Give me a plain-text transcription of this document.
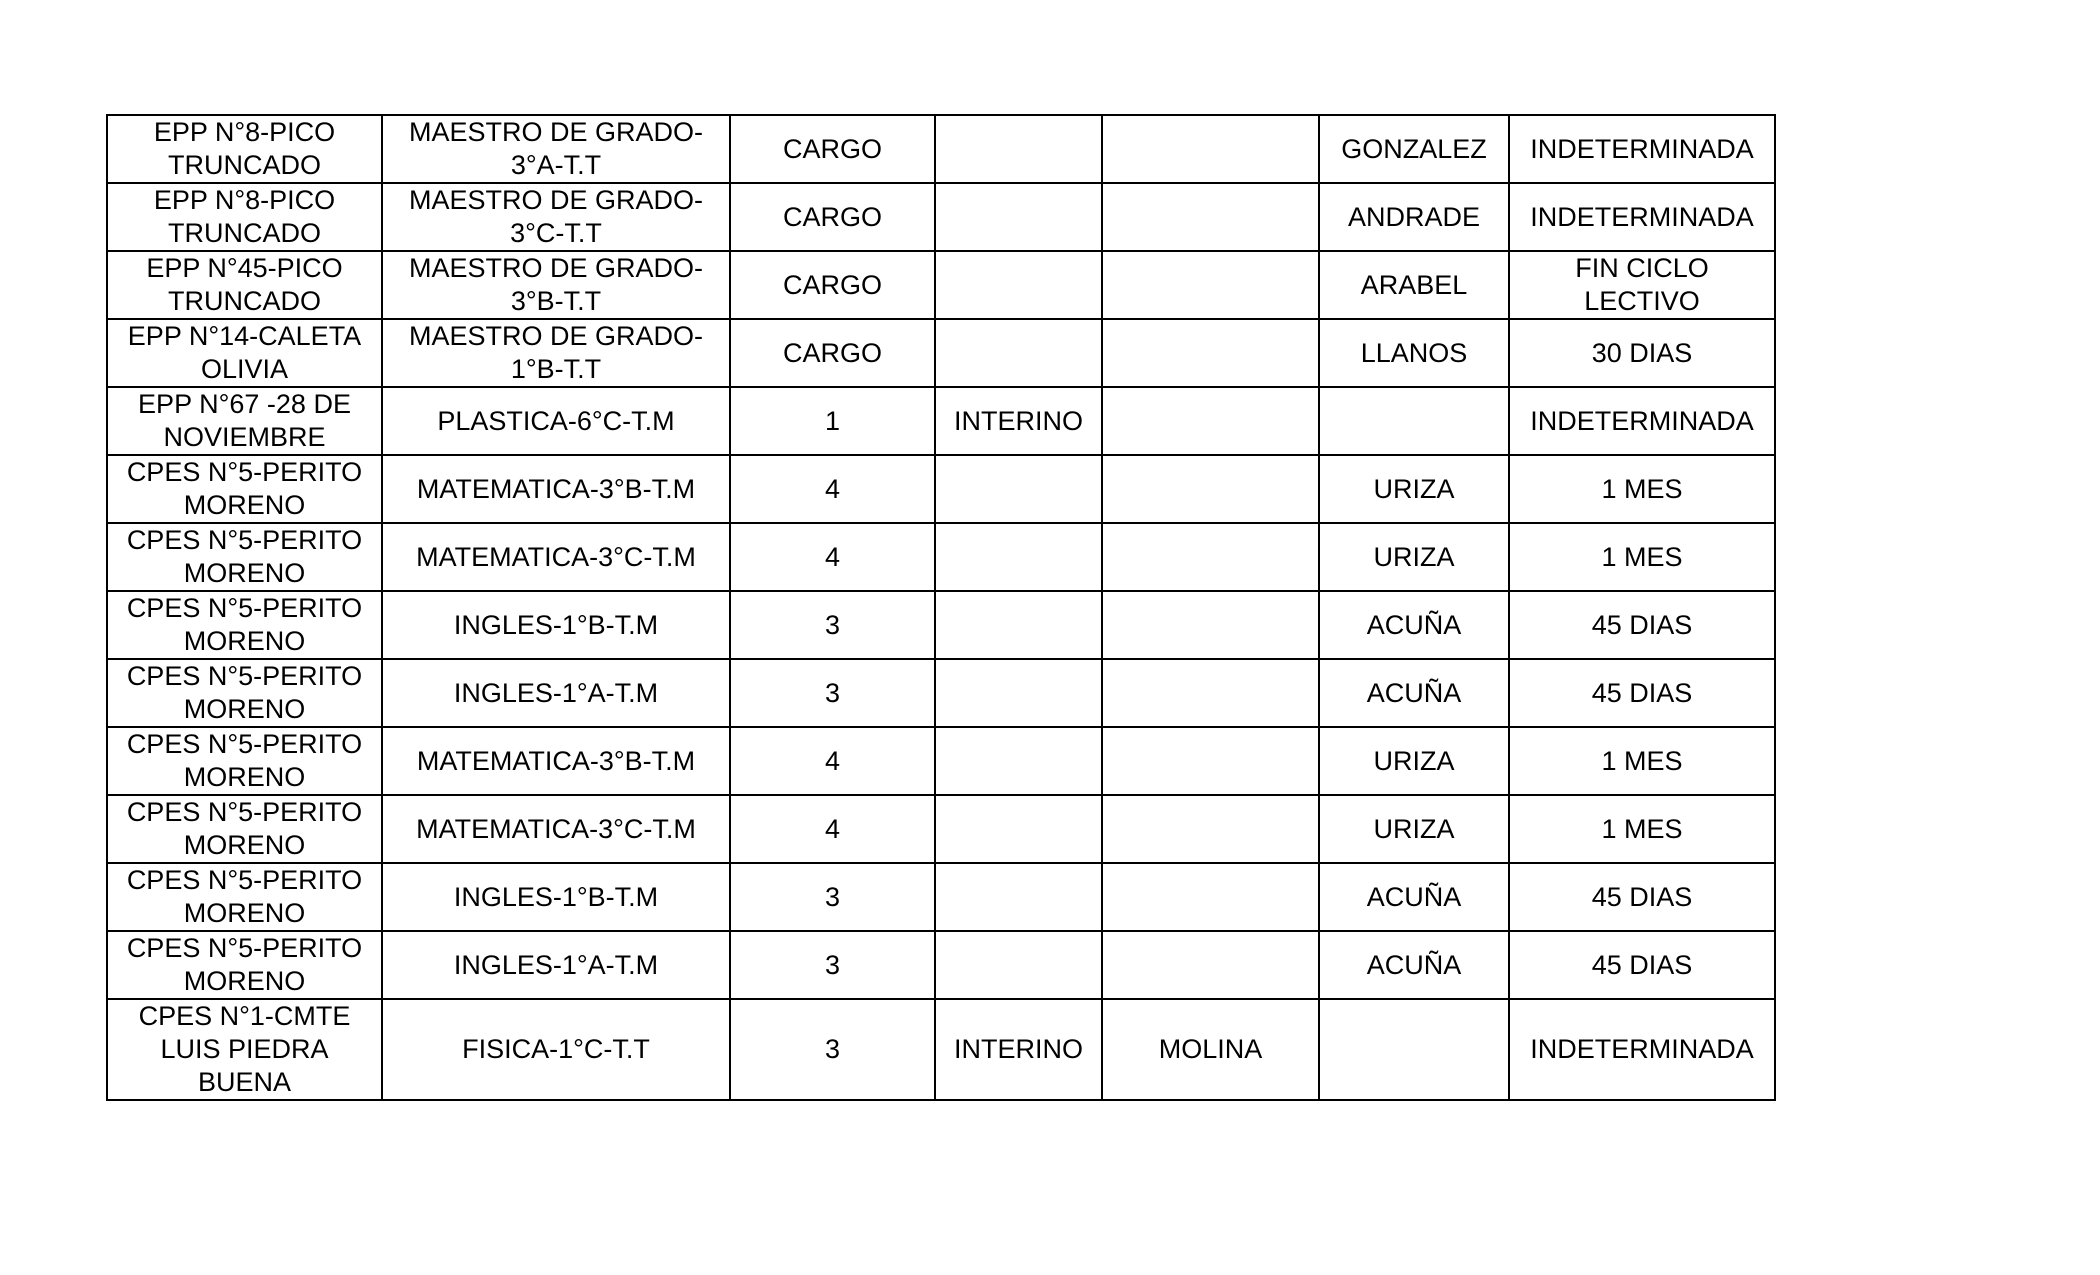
EPP N°8-PICO TRUNCADO	MAESTRO DE GRADO-3°A-T.T	CARGO			GONZALEZ	INDETERMINADA
EPP N°8-PICO TRUNCADO	MAESTRO DE GRADO-3°C-T.T	CARGO			ANDRADE	INDETERMINADA
EPP N°45-PICO TRUNCADO	MAESTRO DE GRADO-3°B-T.T	CARGO			ARABEL	FIN CICLO LECTIVO
EPP N°14-CALETA OLIVIA	MAESTRO DE GRADO-1°B-T.T	CARGO			LLANOS	30 DIAS
EPP N°67 -28 DE NOVIEMBRE	PLASTICA-6°C-T.M	1	INTERINO			INDETERMINADA
CPES N°5-PERITO MORENO	MATEMATICA-3°B-T.M	4			URIZA	1 MES
CPES N°5-PERITO MORENO	MATEMATICA-3°C-T.M	4			URIZA	1 MES
CPES N°5-PERITO MORENO	INGLES-1°B-T.M	3			ACUÑA	45 DIAS
CPES N°5-PERITO MORENO	INGLES-1°A-T.M	3			ACUÑA	45 DIAS
CPES N°5-PERITO MORENO	MATEMATICA-3°B-T.M	4			URIZA	1 MES
CPES N°5-PERITO MORENO	MATEMATICA-3°C-T.M	4			URIZA	1 MES
CPES N°5-PERITO MORENO	INGLES-1°B-T.M	3			ACUÑA	45 DIAS
CPES N°5-PERITO MORENO	INGLES-1°A-T.M	3			ACUÑA	45 DIAS
CPES N°1-CMTE LUIS PIEDRA BUENA	FISICA-1°C-T.T	3	INTERINO	MOLINA		INDETERMINADA
